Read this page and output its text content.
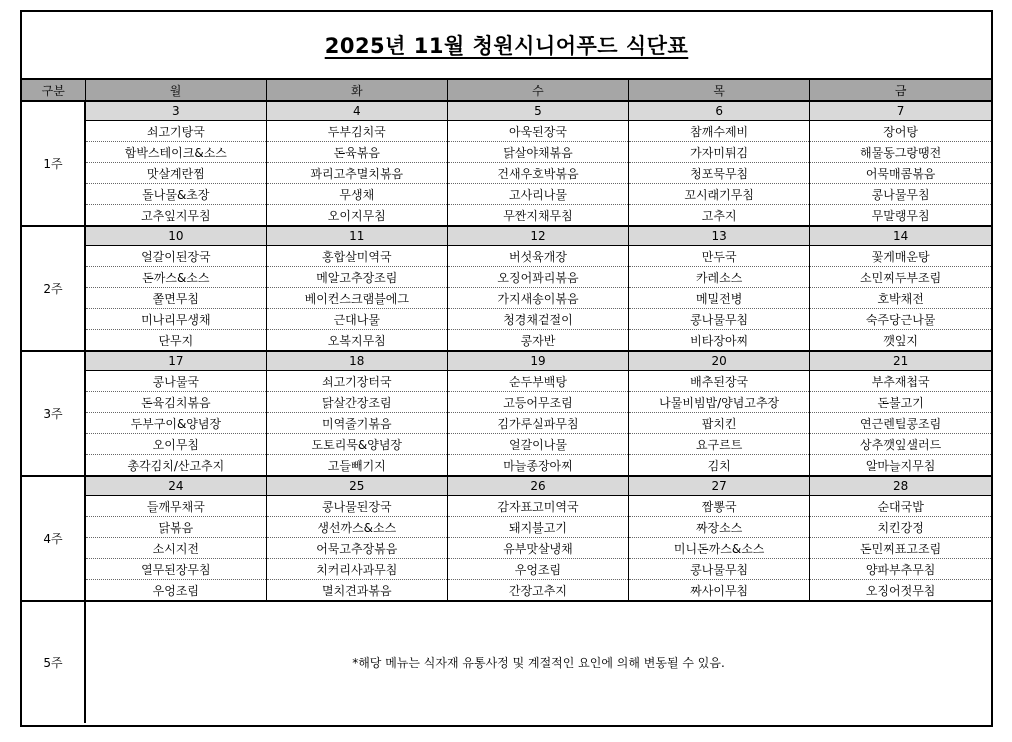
2025년 11월 청원시니어푸드 식단표
구분	월	화	수	목	금
1주	3	4	5	6	7
	쇠고기탕국	두부김치국	아욱된장국	참깨수제비	장어탕
	함박스테이크&소스	돈육볶음	닭살야채볶음	가자미튀김	해물동그랑땡전
	맛살계란찜	꽈리고추멸치볶음	건새우호박볶음	청포묵무침	어묵매콤볶음
	돌나물&초장	무생채	고사리나물	꼬시래기무침	콩나물무침
	고추잎지무침	오이지무침	무짠지채무침	고추지	무말랭무침
2주	10	11	12	13	14
	얼갈이된장국	홍합살미역국	버섯육개장	만두국	꽃게매운탕
	돈까스&소스	메알고추장조림	오징어꽈리볶음	카레소스	소민찌두부조림
	쫄면무침	베이컨스크램블에그	가지새송이볶음	메밀전병	호박채전
	미나리무생채	근대나물	청경채겉절이	콩나물무침	숙주당근나물
	단무지	오복지무침	콩자반	비타장아찌	깻잎지
3주	17	18	19	20	21
	콩나물국	쇠고기장터국	순두부백탕	배추된장국	부추재첩국
	돈육김치볶음	닭살간장조림	고등어무조림	나물비빔밥/양념고추장	돈불고기
	두부구이&양념장	미역줄기볶음	김가루실파무침	팝치킨	연근렌틸콩조림
	오이무침	도토리묵&양념장	얼갈이나물	요구르트	상추깻잎샐러드
	총각김치/산고추지	고들빼기지	마늘종장아찌	김치	알마늘지무침
4주	24	25	26	27	28
	들깨무채국	콩나물된장국	감자표고미역국	짬뽕국	순대국밥
	닭볶음	생선까스&소스	돼지불고기	짜장소스	치킨강정
	소시지전	어묵고추장볶음	유부맛살냉채	미니돈까스&소스	돈민찌표고조림
	열무된장무침	치커리사과무침	우엉조림	콩나물무침	양파부추무침
	우엉조림	멸치견과볶음	간장고추지	짜사이무침	오징어젓무침
5주	*해당 메뉴는 식자재 유통사정 및 계절적인 요인에 의해 변동될 수 있음.				
